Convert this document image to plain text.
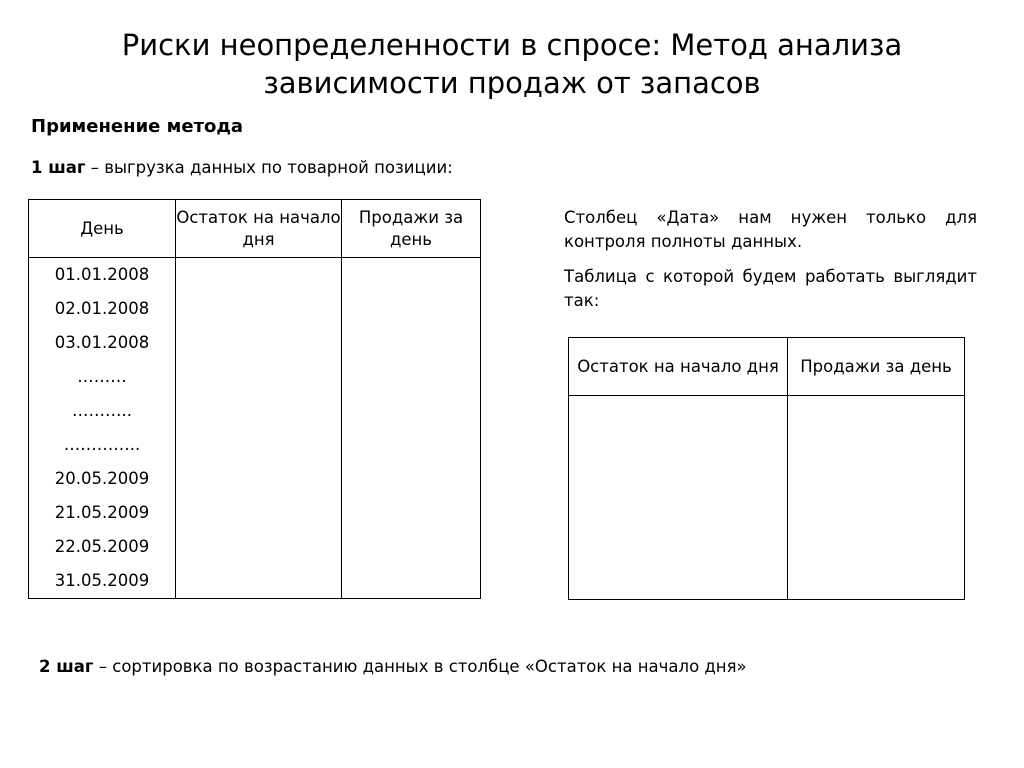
Риски неопределенности в спросе: Метод анализа
зависимости продаж от запасов
Применение метода
1 шаг – выгрузка данных по товарной позиции:
День	Остаток на начало дня	Продажи за день
01.01.2008		
02.01.2008		
03.01.2008		
………		
………..		
…………..		
20.05.2009		
21.05.2009		
22.05.2009		
31.05.2009		
Столбец «Дата» нам нужен только для контроля полноты данных.
Таблица с которой будем работать выглядит так:
Остаток на начало дня	Продажи за день

2 шаг – сортировка по возрастанию данных в столбце «Остаток на начало дня»
